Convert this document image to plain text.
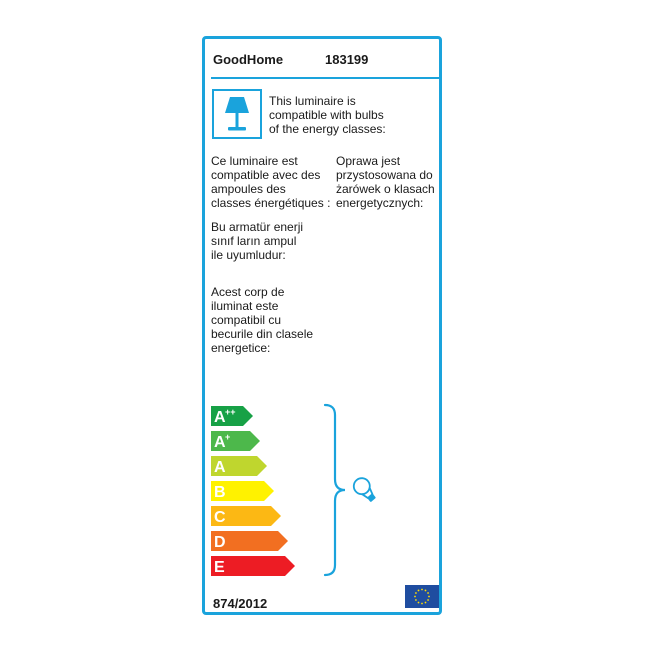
GoodHome	183199
This luminaire is
compatible with bulbs
of the energy classes:
Ce luminaire est
compatible avec des
ampoules des
classes énergétiques :
Oprawa jest
przystosowana do
żarówek o klasach
energetycznych:
Bu armatür enerji
sınıf ların ampul
ile uyumludur:
Acest corp de
iluminat este
compatibil cu
becurile din clasele
energetice:
A ++
A +
A
B
C
D
E
874/2012
